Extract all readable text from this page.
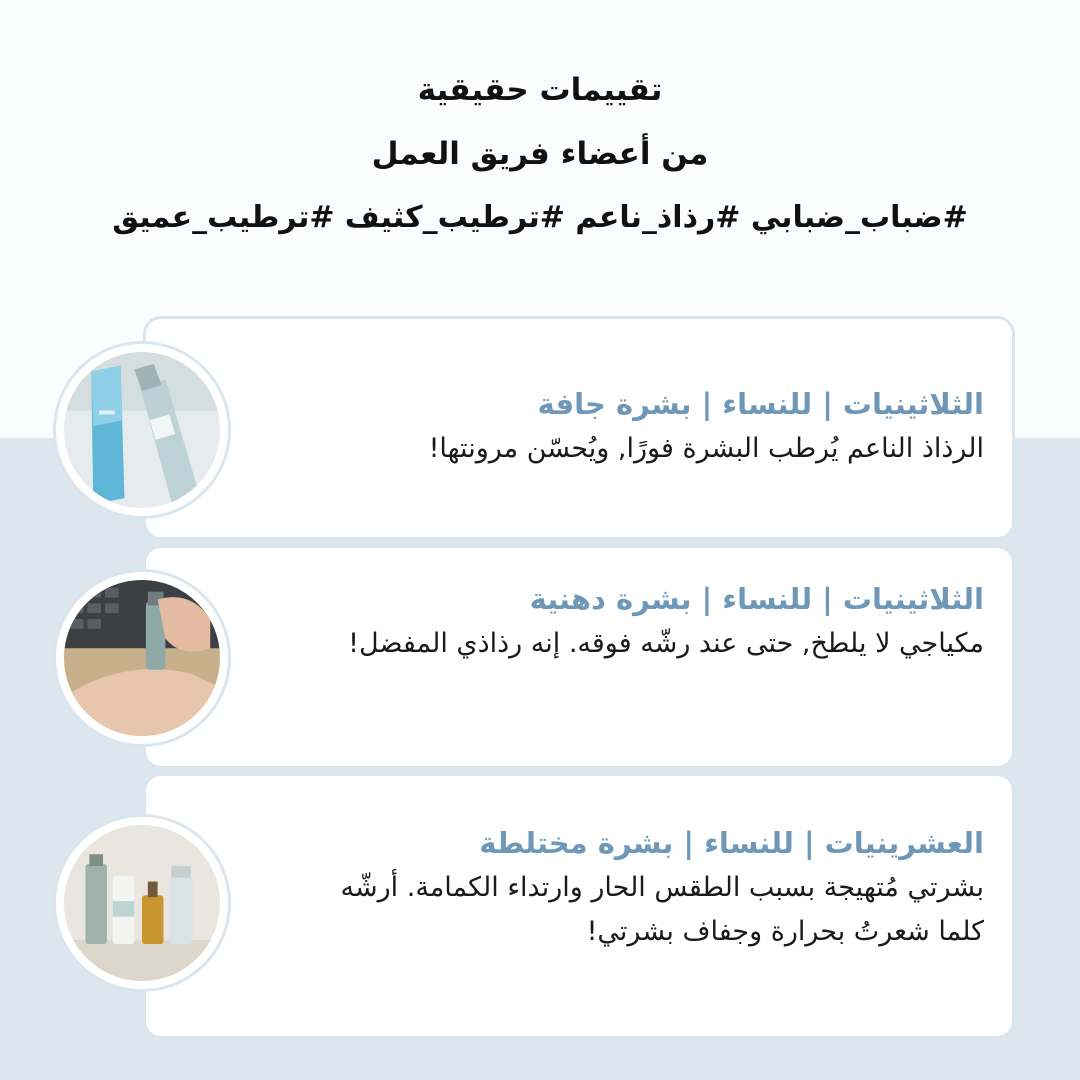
تقييمات حقيقية
من أعضاء فريق العمل
#ضباب_ضبابي #رذاذ_ناعم #ترطيب_كثيف #ترطيب_عميق

الثلاثينيات | للنساء | بشرة جافة

الرذاذ الناعم يُرطب البشرة فورًا, ويُحسّن مرونتها!

الثلاثينيات | للنساء | بشرة دهنية

مكياجي لا يلطخ, حتى عند رشّه فوقه. إنه رذاذي المفضل!

العشرينيات | للنساء | بشرة مختلطة

بشرتي مُتهيجة بسبب الطقس الحار وارتداء الكمامة. أرشّه كلما شعرتُ بحرارة وجفاف بشرتي!
